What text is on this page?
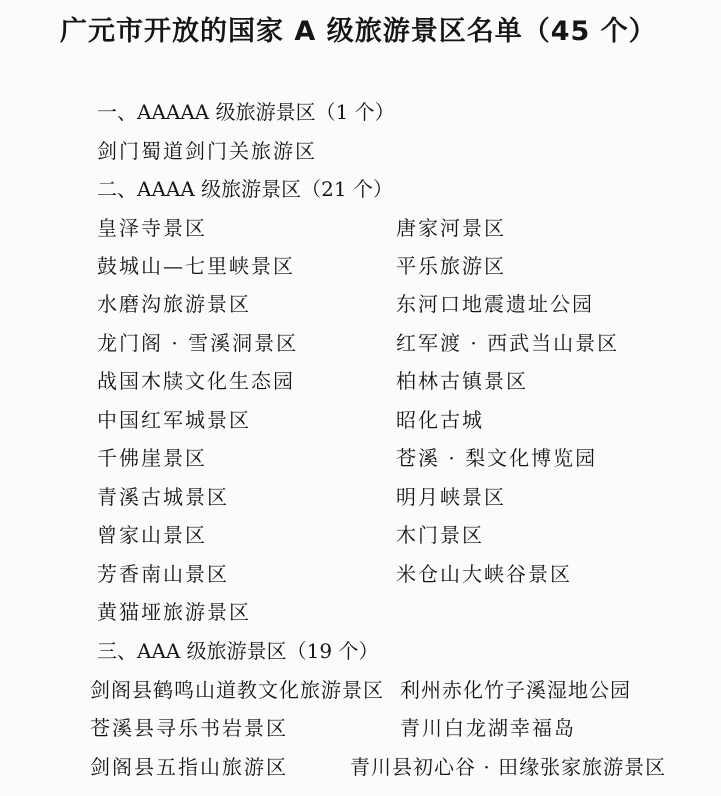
广元市开放的国家 A 级旅游景区名单（45 个）
一、AAAAA 级旅游景区（1 个）
剑门蜀道剑门关旅游区
二、AAAA 级旅游景区（21 个）
皇泽寺景区	唐家河景区
鼓城山—七里峡景区	平乐旅游区
水磨沟旅游景区	东河口地震遗址公园
龙门阁 · 雪溪洞景区	红军渡 · 西武当山景区
战国木牍文化生态园	柏林古镇景区
中国红军城景区	昭化古城
千佛崖景区	苍溪 · 梨文化博览园
青溪古城景区	明月峡景区
曾家山景区	木门景区
芳香南山景区	米仓山大峡谷景区
黄猫垭旅游景区
三、AAA 级旅游景区（19 个）
剑阁县鹤鸣山道教文化旅游景区 利州赤化竹子溪湿地公园
苍溪县寻乐书岩景区	青川白龙湖幸福岛
剑阁县五指山旅游区	青川县初心谷 · 田缘张家旅游景区
